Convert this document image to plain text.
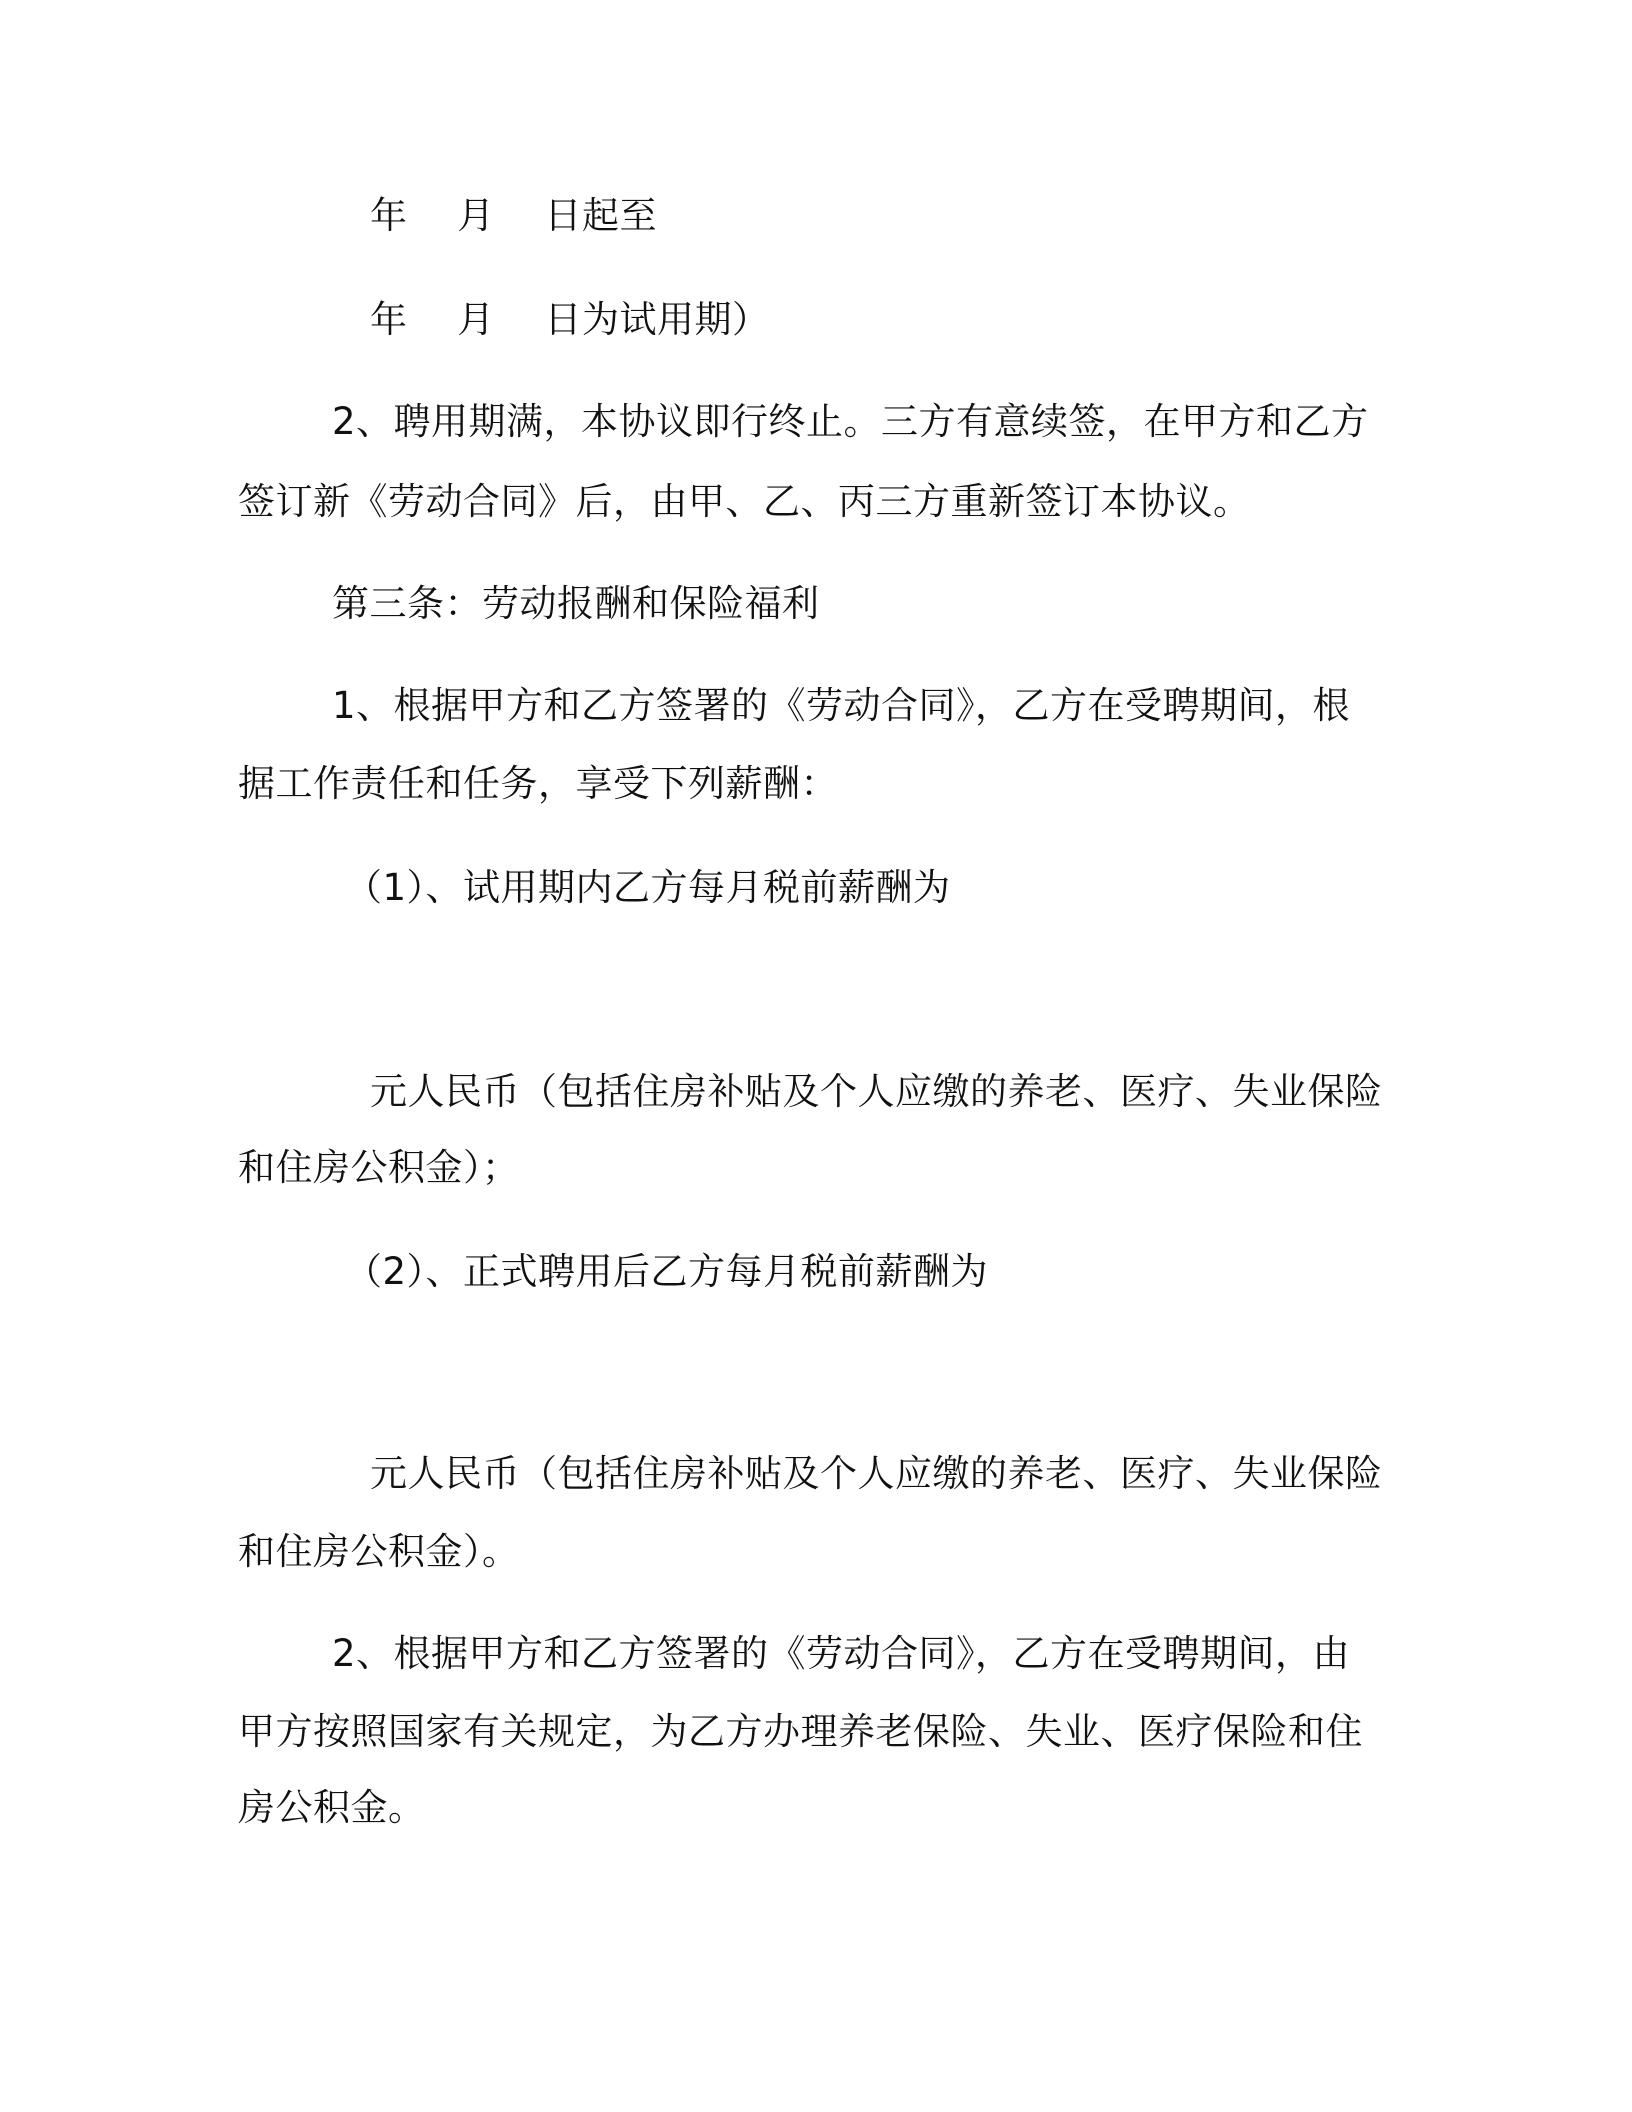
年　 月　 日起至
年　 月　 日为试用期）
2、聘用期满，本协议即行终止。三方有意续签，在甲方和乙方
签订新《劳动合同》后，由甲、乙、丙三方重新签订本协议。
第三条：劳动报酬和保险福利
1、根据甲方和乙方签署的《劳动合同》，乙方在受聘期间，根
据工作责任和任务，享受下列薪酬：
（1）、试用期内乙方每月税前薪酬为
元人民币（包括住房补贴及个人应缴的养老、医疗、失业保险
和住房公积金）；
（2）、正式聘用后乙方每月税前薪酬为
元人民币（包括住房补贴及个人应缴的养老、医疗、失业保险
和住房公积金）。
2、根据甲方和乙方签署的《劳动合同》，乙方在受聘期间，由
甲方按照国家有关规定，为乙方办理养老保险、失业、医疗保险和住
房公积金。
